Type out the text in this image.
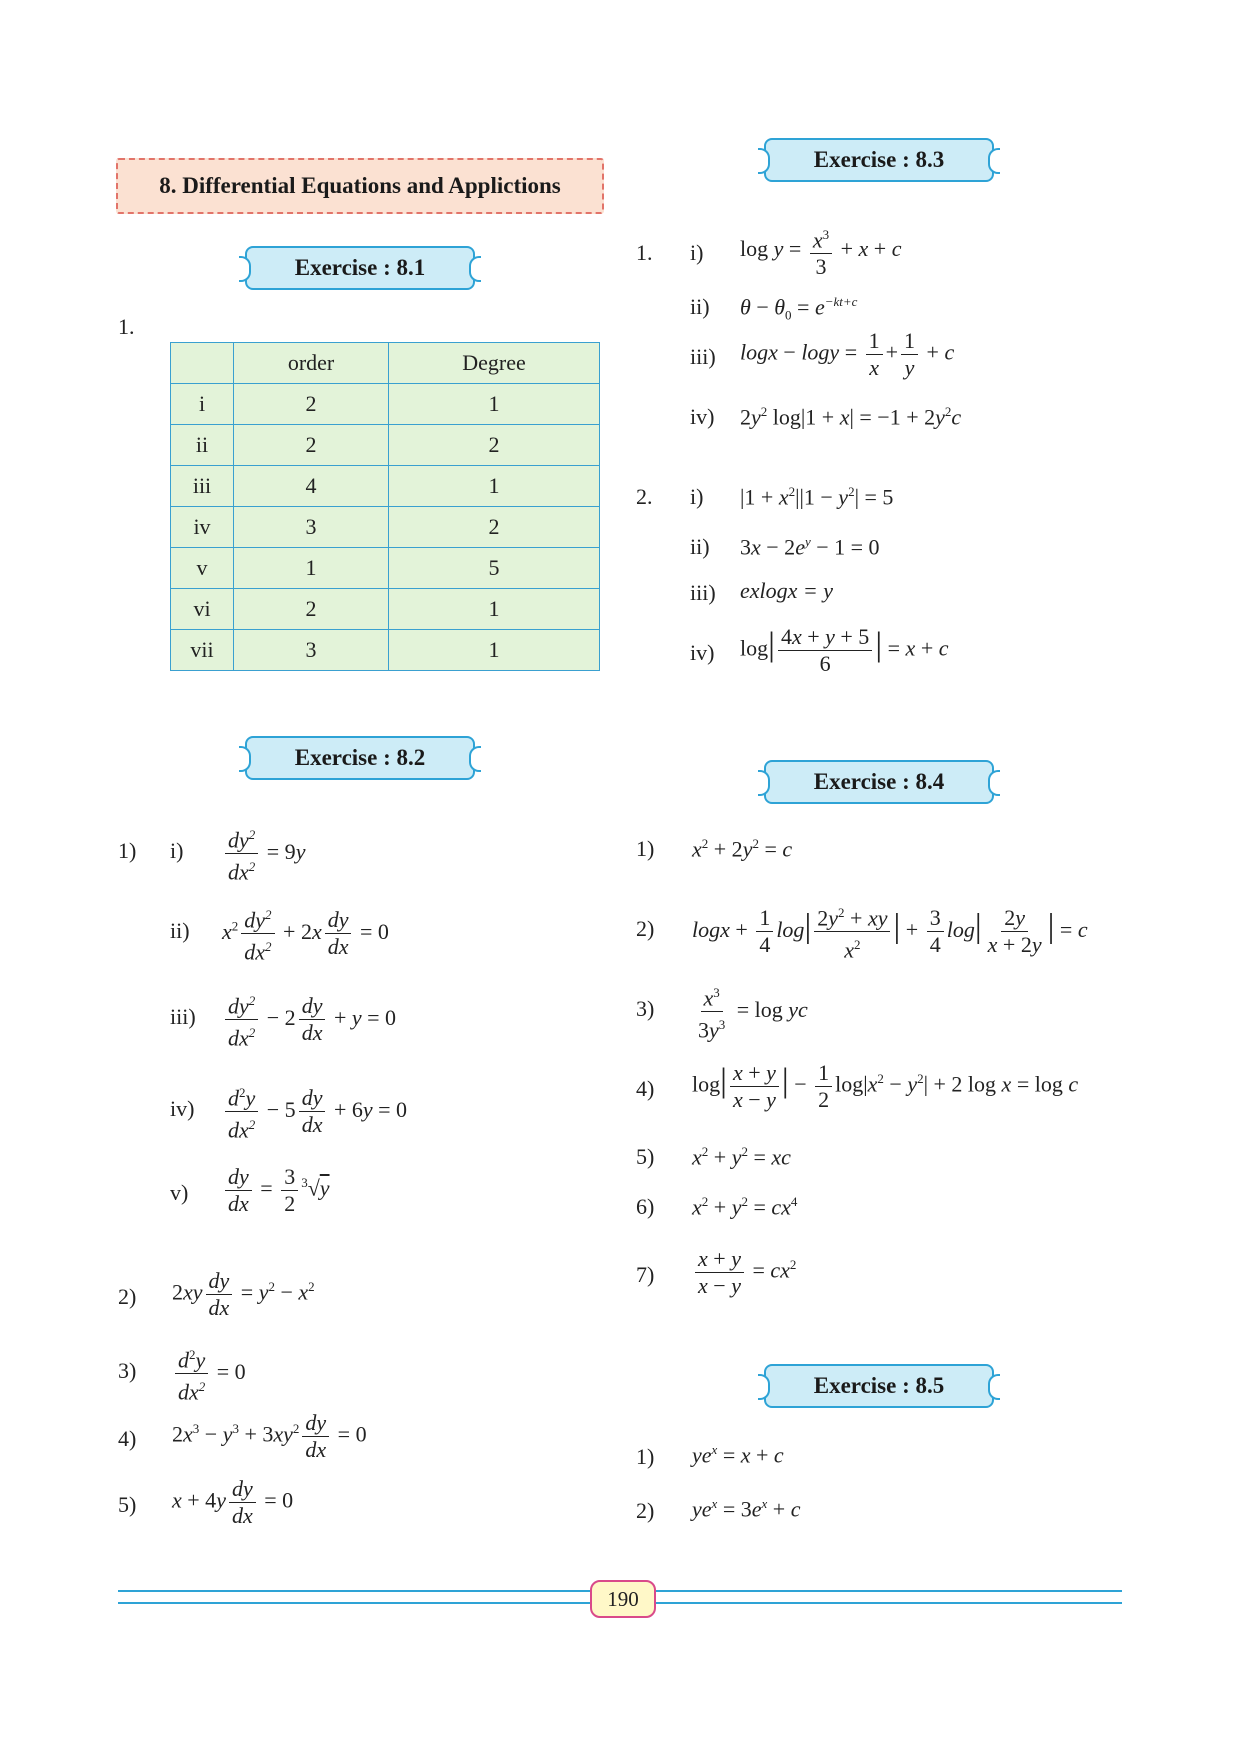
8. Differential Equations and Applictions
Exercise : 8.1
1.
	order	Degree
i	2	1
ii	2	2
iii	4	1
iv	3	2
v	1	5
vi	2	1
vii	3	1
Exercise : 8.2
1) $i) \frac{dy^2}{dx^2} = 9y$
ii) $x^2 \frac{dy^2}{dx^2} + 2x \frac{dy}{dx} = 0$
$iii) \frac{dy^2}{dx^2} - 2 \frac{dy}{dx} + y = 0$
$iv) \frac{d^2y}{dx^2} - 5 \frac{dy}{dx} + 6y = 0$
$v) \frac{dy}{dx} = \frac{3}{2} ^3√y$
2) $2xy \frac{dy}{dx} = y^2 - x^2$
$3) \frac{d^2y}{dx^2} = 0$
4) $2x^3 - y^3 + 3xy^2 \frac{dy}{dx} = 0$
5) $x + 4y \frac{dy}{dx} = 0$
Exercise : 8.3
1. i) $\log y = \frac{x^3}{3} + x + c$
ii) $\theta - \theta_0 = e^{-kt+c}$
iii) $\log x - \log y = \frac{1}{x} + \frac{1}{y} + c$
iv) $2y^2$ $\log|1 + x| = -1 + 2y^2c$
2. i) $|1 + x^2||1 - y^2| = 5$
ii) $3x - 2e^y - 1 = 0$
iii) exlogx = y
iv) $\log| \frac{4x + y + 5}{6}$ | = x + c
Exercise : 8.4
1) $x^2 + 2y^2 = c$
2) $\log x + \frac{1}{4} \log| \frac{2y^2 + xy}{x^2}$ | + $\frac{3}{4} \log| \frac{2y}{x + 2y}$ | = c
$3) \frac{x^3}{3y^3} = \log$ yc
4) $\log| \frac{x + y}{x - y}$ | − $\frac{1}{2} \log|x^2 - y^2| + 2$ log x = log c
5) $x^2 + y^2$ = xc
6) $x^2 + y^2 = cx^4$
$7) \frac{x + y}{x - y} = cx^2$
Exercise : 8.5
1) $ye^x = x + c$
2) $ye^x = 3e^x + c$
190
